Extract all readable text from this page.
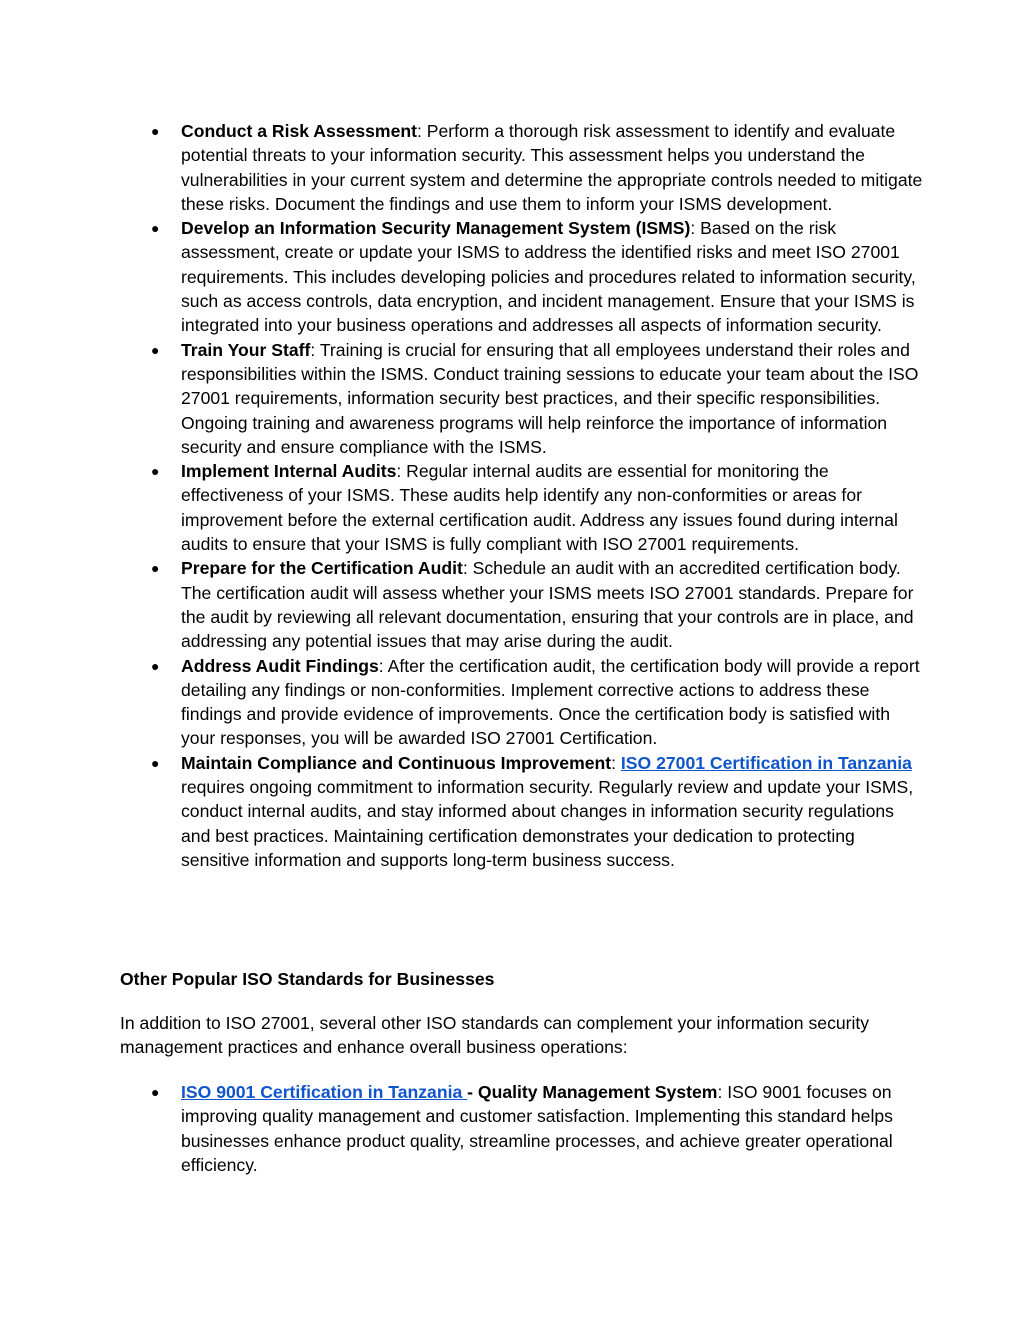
●	Conduct a Risk Assessment: Perform a thorough risk assessment to identify and evaluate potential threats to your information security. This assessment helps you understand the vulnerabilities in your current system and determine the appropriate controls needed to mitigate these risks. Document the findings and use them to inform your ISMS development.
●	Develop an Information Security Management System (ISMS): Based on the risk assessment, create or update your ISMS to address the identified risks and meet ISO 27001 requirements. This includes developing policies and procedures related to information security, such as access controls, data encryption, and incident management. Ensure that your ISMS is integrated into your business operations and addresses all aspects of information security.
●	Train Your Staff: Training is crucial for ensuring that all employees understand their roles and responsibilities within the ISMS. Conduct training sessions to educate your team about the ISO 27001 requirements, information security best practices, and their specific responsibilities. Ongoing training and awareness programs will help reinforce the importance of information security and ensure compliance with the ISMS.
●	Implement Internal Audits: Regular internal audits are essential for monitoring the effectiveness of your ISMS. These audits help identify any non-conformities or areas for improvement before the external certification audit. Address any issues found during internal audits to ensure that your ISMS is fully compliant with ISO 27001 requirements.
●	Prepare for the Certification Audit: Schedule an audit with an accredited certification body. The certification audit will assess whether your ISMS meets ISO 27001 standards. Prepare for the audit by reviewing all relevant documentation, ensuring that your controls are in place, and addressing any potential issues that may arise during the audit.
●	Address Audit Findings: After the certification audit, the certification body will provide a report detailing any findings or non-conformities. Implement corrective actions to address these findings and provide evidence of improvements. Once the certification body is satisfied with your responses, you will be awarded ISO 27001 Certification.
●	Maintain Compliance and Continuous Improvement: ISO 27001 Certification in Tanzania requires ongoing commitment to information security. Regularly review and update your ISMS, conduct internal audits, and stay informed about changes in information security regulations and best practices. Maintaining certification demonstrates your dedication to protecting sensitive information and supports long-term business success.
Other Popular ISO Standards for Businesses

In addition to ISO 27001, several other ISO standards can complement your information security management practices and enhance overall business operations:

●	ISO 9001 Certification in Tanzania - Quality Management System: ISO 9001 focuses on improving quality management and customer satisfaction. Implementing this standard helps businesses enhance product quality, streamline processes, and achieve greater operational efficiency.
